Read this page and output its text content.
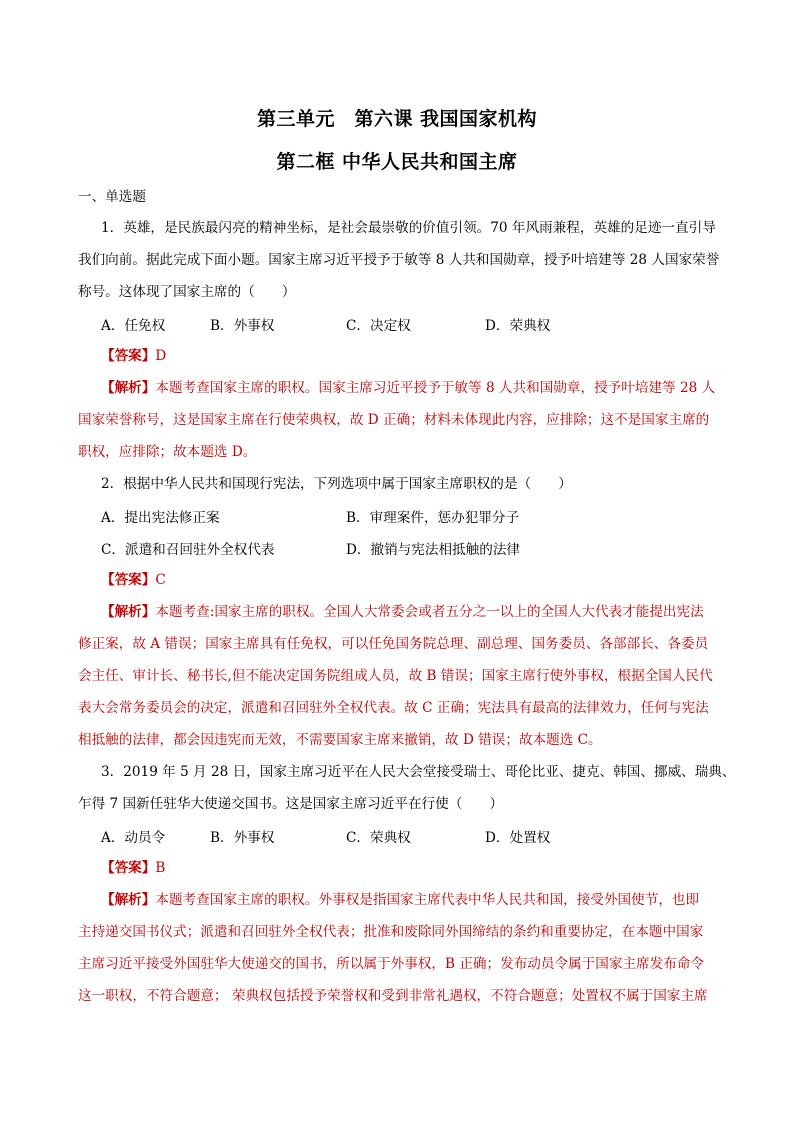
第三单元　第六课 我国国家机构
第二框 中华人民共和国主席
一、单选题
1．英雄，是民族最闪亮的精神坐标，是社会最崇敬的价值引领。70 年风雨兼程，英雄的足迹一直引导
我们向前。据此完成下面小题。国家主席习近平授予于敏等 8 人共和国勋章，授予叶培建等 28 人国家荣誉
称号。这体现了国家主席的（　　）
A．任免权	B．外事权	C．决定权	D．荣典权
【答案】D
【解析】本题考查国家主席的职权。国家主席习近平授予于敏等 8 人共和国勋章，授予叶培建等 28 人
国家荣誉称号，这是国家主席在行使荣典权，故 D 正确；材料未体现此内容，应排除；这不是国家主席的
职权，应排除；故本题选 D。
2．根据中华人民共和国现行宪法，下列选项中属于国家主席职权的是（　　）
A．提出宪法修正案	B．审理案件，惩办犯罪分子
C．派遣和召回驻外全权代表	D．撤销与宪法相抵触的法律
【答案】C
【解析】本题考查:国家主席的职权。全国人大常委会或者五分之一以上的全国人大代表才能提出宪法
修正案，故 A 错误；国家主席具有任免权，可以任免国务院总理、副总理、国务委员、各部部长、各委员
会主任、审计长、秘书长,但不能决定国务院组成人员，故 B 错误；国家主席行使外事权，根据全国人民代
表大会常务委员会的决定，派遣和召回驻外全权代表。故 C 正确；宪法具有最高的法律效力，任何与宪法
相抵触的法律，都会因违宪而无效，不需要国家主席来撤销，故 D 错误；故本题选 C。
3．2019 年 5 月 28 日，国家主席习近平在人民大会堂接受瑞士、哥伦比亚、捷克、韩国、挪威、瑞典、
乍得 7 国新任驻华大使递交国书。这是国家主席习近平在行使（　　）
A．动员令	B．外事权	C．荣典权	D．处置权
【答案】B
【解析】本题考查国家主席的职权。外事权是指国家主席代表中华人民共和国，接受外国使节，也即
主持递交国书仪式；派遣和召回驻外全权代表；批准和废除同外国缔结的条约和重要协定，在本题中国家
主席习近平接受外国驻华大使递交的国书，所以属于外事权，B 正确；发布动员令属于国家主席发布命令
这一职权，不符合题意； 荣典权包括授予荣誉权和受到非常礼遇权，不符合题意；处置权不属于国家主席
